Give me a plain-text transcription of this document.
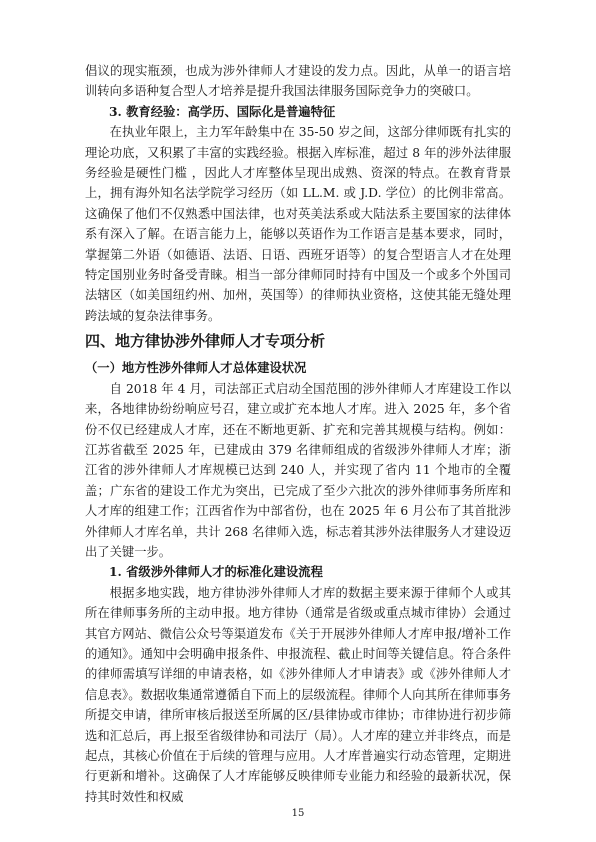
倡议的现实瓶颈，也成为涉外律师人才建设的发力点。因此，从单一的语言培训转向多语种复合型人才培养是提升我国法律服务国际竞争力的突破口。

3. 教育经验：高学历、国际化是普遍特征

在执业年限上，主力军年龄集中在 35-50 岁之间，这部分律师既有扎实的理论功底，又积累了丰富的实践经验。根据入库标准，超过 8 年的涉外法律服务经验是硬性门槛 ，因此人才库整体呈现出成熟、资深的特点。在教育背景上，拥有海外知名法学院学习经历（如 LL.M. 或 J.D. 学位）的比例非常高。这确保了他们不仅熟悉中国法律，也对英美法系或大陆法系主要国家的法律体系有深入了解。在语言能力上，能够以英语作为工作语言是基本要求，同时，掌握第二外语（如德语、法语、日语、西班牙语等）的复合型语言人才在处理特定国别业务时备受青睐。相当一部分律师同时持有中国及一个或多个外国司法辖区（如美国纽约州、加州，英国等）的律师执业资格，这使其能无缝处理跨法域的复杂法律事务。

四、地方律协涉外律师人才专项分析

（一）地方性涉外律师人才总体建设状况

自 2018 年 4 月，司法部正式启动全国范围的涉外律师人才库建设工作以来，各地律协纷纷响应号召，建立或扩充本地人才库。进入 2025 年，多个省份不仅已经建成人才库，还在不断地更新、扩充和完善其规模与结构。例如：江苏省截至 2025 年，已建成由 379 名律师组成的省级涉外律师人才库；浙江省的涉外律师人才库规模已达到 240 人，并实现了省内 11 个地市的全覆盖；广东省的建设工作尤为突出，已完成了至少六批次的涉外律师事务所库和人才库的组建工作；江西省作为中部省份，也在 2025 年 6 月公布了其首批涉外律师人才库名单，共计 268 名律师入选，标志着其涉外法律服务人才建设迈出了关键一步。

1. 省级涉外律师人才的标准化建设流程

根据多地实践，地方律协涉外律师人才库的数据主要来源于律师个人或其所在律师事务所的主动申报。地方律协（通常是省级或重点城市律协）会通过其官方网站、微信公众号等渠道发布《关于开展涉外律师人才库申报/增补工作的通知》。通知中会明确申报条件、申报流程、截止时间等关键信息。符合条件的律师需填写详细的申请表格，如《涉外律师人才申请表》或《涉外律师人才信息表》。数据收集通常遵循自下而上的层级流程。律师个人向其所在律师事务所提交申请，律所审核后报送至所属的区/县律协或市律协；市律协进行初步筛选和汇总后，再上报至省级律协和司法厅（局）。人才库的建立并非终点，而是起点，其核心价值在于后续的管理与应用。人才库普遍实行动态管理，定期进行更新和增补。这确保了人才库能够反映律师专业能力和经验的最新状况，保持其时效性和权威

15
